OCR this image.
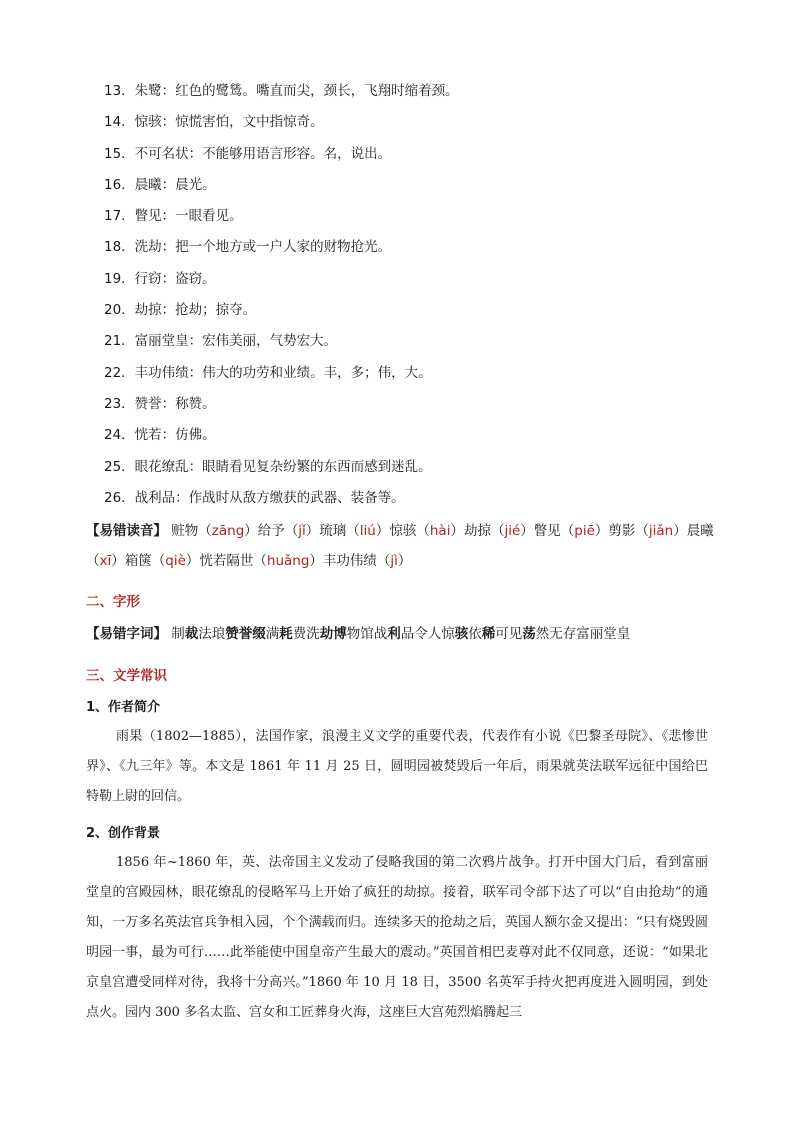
13．朱鹭：红色的鹭鸶。嘴直而尖，颈长，飞翔时缩着颈。
14．惊骇：惊慌害怕，文中指惊奇。
15．不可名状：不能够用语言形容。名，说出。
16．晨曦：晨光。
17．瞥见：一眼看见。
18．洗劫：把一个地方或一户人家的财物抢光。
19．行窃：盗窃。
20．劫掠：抢劫；掠夺。
21．富丽堂皇：宏伟美丽，气势宏大。
22．丰功伟绩：伟大的功劳和业绩。丰，多；伟，大。
23．赞誉：称赞。
24．恍若：仿佛。
25．眼花缭乱：眼睛看见复杂纷繁的东西而感到迷乱。
26．战利品：作战时从敌方缴获的武器、装备等。
【易错读音】 赃物（zāng）给予（jǐ）琉璃（liú）惊骇（hài）劫掠（jié）瞥见（piē）剪影（jiǎn）晨曦（xī）箱箧（qiè）恍若隔世（huǎng）丰功伟绩（jì）
二、字形
【易错字词】 制裁法琅赞誉缀满耗费洗劫博物馆战利品令人惊骇依稀可见荡然无存富丽堂皇
三、文学常识
1、作者简介
雨果（1802—1885），法国作家，浪漫主义文学的重要代表，代表作有小说《巴黎圣母院》、《悲惨世界》、《九三年》等。本文是 1861 年 11 月 25 日，圆明园被焚毁后一年后，雨果就英法联军远征中国给巴特勒上尉的回信。
2、创作背景
1856 年~1860 年，英、法帝国主义发动了侵略我国的第二次鸦片战争。打开中国大门后，看到富丽堂皇的宫殿园林，眼花缭乱的侵略军马上开始了疯狂的劫掠。接着，联军司令部下达了可以“自由抢劫”的通知，一万多名英法官兵争相入园，个个满载而归。连续多天的抢劫之后，英国人额尔金又提出：“只有烧毁圆明园一事，最为可行……此举能使中国皇帝产生最大的震动。”英国首相巴麦尊对此不仅同意，还说：“如果北京皇宫遭受同样对待，我将十分高兴。”1860 年 10 月 18 日，3500 名英军手持火把再度进入圆明园，到处点火。园内 300 多名太监、宫女和工匠葬身火海，这座巨大宫苑烈焰腾起三
